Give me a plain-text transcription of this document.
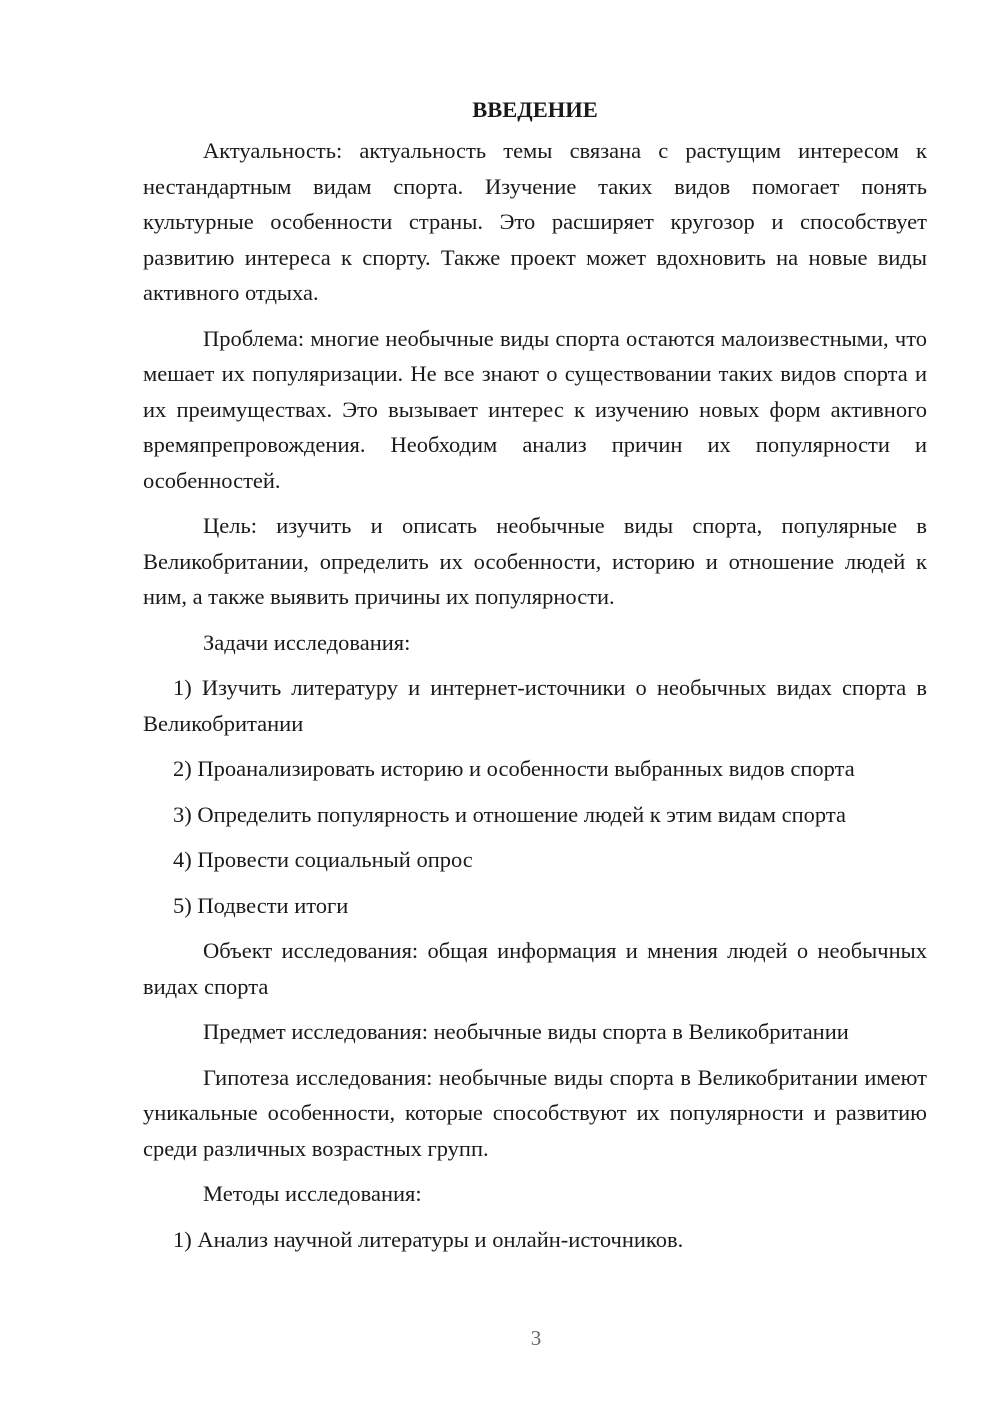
ВВЕДЕНИЕ

Актуальность: актуальность темы связана с растущим интересом к нестандартным видам спорта. Изучение таких видов помогает понять культурные особенности страны. Это расширяет кругозор и способствует развитию интереса к спорту. Также проект может вдохновить на новые виды активного отдыха.

Проблема: многие необычные виды спорта остаются малоизвестными, что мешает их популяризации. Не все знают о существовании таких видов спорта и их преимуществах. Это вызывает интерес к изучению новых форм активного времяпрепровождения. Необходим анализ причин их популярности и особенностей.

Цель: изучить и описать необычные виды спорта, популярные в Великобритании, определить их особенности, историю и отношение людей к ним, а также выявить причины их популярности.

Задачи исследования:

1) Изучить литературу и интернет-источники о необычных видах спорта в Великобритании

2) Проанализировать историю и особенности выбранных видов спорта

3) Определить популярность и отношение людей к этим видам спорта

4) Провести социальный опрос

5) Подвести итоги

Объект исследования: общая информация и мнения людей о необычных видах спорта

Предмет исследования: необычные виды спорта в Великобритании

Гипотеза исследования: необычные виды спорта в Великобритании имеют уникальные особенности, которые способствуют их популярности и развитию среди различных возрастных групп.

Методы исследования:

1) Анализ научной литературы и онлайн-источников.

3
